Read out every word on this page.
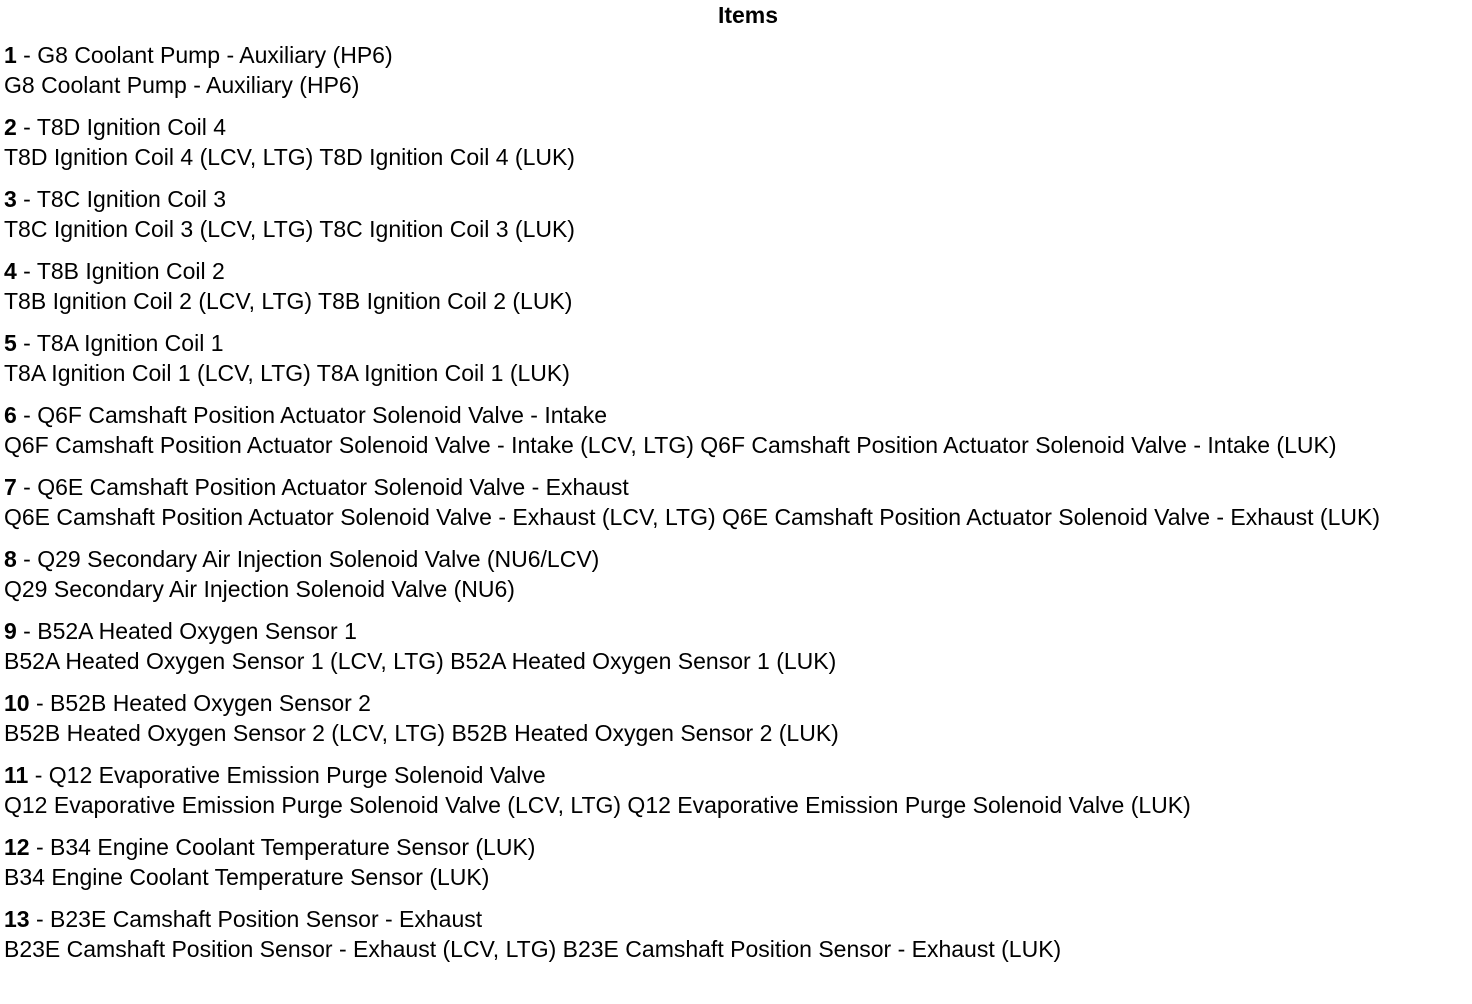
Items
1 - G8 Coolant Pump - Auxiliary (HP6)
G8 Coolant Pump - Auxiliary (HP6)
2 - T8D Ignition Coil 4
T8D Ignition Coil 4 (LCV, LTG) T8D Ignition Coil 4 (LUK)
3 - T8C Ignition Coil 3
T8C Ignition Coil 3 (LCV, LTG) T8C Ignition Coil 3 (LUK)
4 - T8B Ignition Coil 2
T8B Ignition Coil 2 (LCV, LTG) T8B Ignition Coil 2 (LUK)
5 - T8A Ignition Coil 1
T8A Ignition Coil 1 (LCV, LTG) T8A Ignition Coil 1 (LUK)
6 - Q6F Camshaft Position Actuator Solenoid Valve - Intake
Q6F Camshaft Position Actuator Solenoid Valve - Intake (LCV, LTG) Q6F Camshaft Position Actuator Solenoid Valve - Intake (LUK)
7 - Q6E Camshaft Position Actuator Solenoid Valve - Exhaust
Q6E Camshaft Position Actuator Solenoid Valve - Exhaust (LCV, LTG) Q6E Camshaft Position Actuator Solenoid Valve - Exhaust (LUK)
8 - Q29 Secondary Air Injection Solenoid Valve (NU6/LCV)
Q29 Secondary Air Injection Solenoid Valve (NU6)
9 - B52A Heated Oxygen Sensor 1
B52A Heated Oxygen Sensor 1 (LCV, LTG) B52A Heated Oxygen Sensor 1 (LUK)
10 - B52B Heated Oxygen Sensor 2
B52B Heated Oxygen Sensor 2 (LCV, LTG) B52B Heated Oxygen Sensor 2 (LUK)
11 - Q12 Evaporative Emission Purge Solenoid Valve
Q12 Evaporative Emission Purge Solenoid Valve (LCV, LTG) Q12 Evaporative Emission Purge Solenoid Valve (LUK)
12 - B34 Engine Coolant Temperature Sensor (LUK)
B34 Engine Coolant Temperature Sensor (LUK)
13 - B23E Camshaft Position Sensor - Exhaust
B23E Camshaft Position Sensor - Exhaust (LCV, LTG) B23E Camshaft Position Sensor - Exhaust (LUK)
